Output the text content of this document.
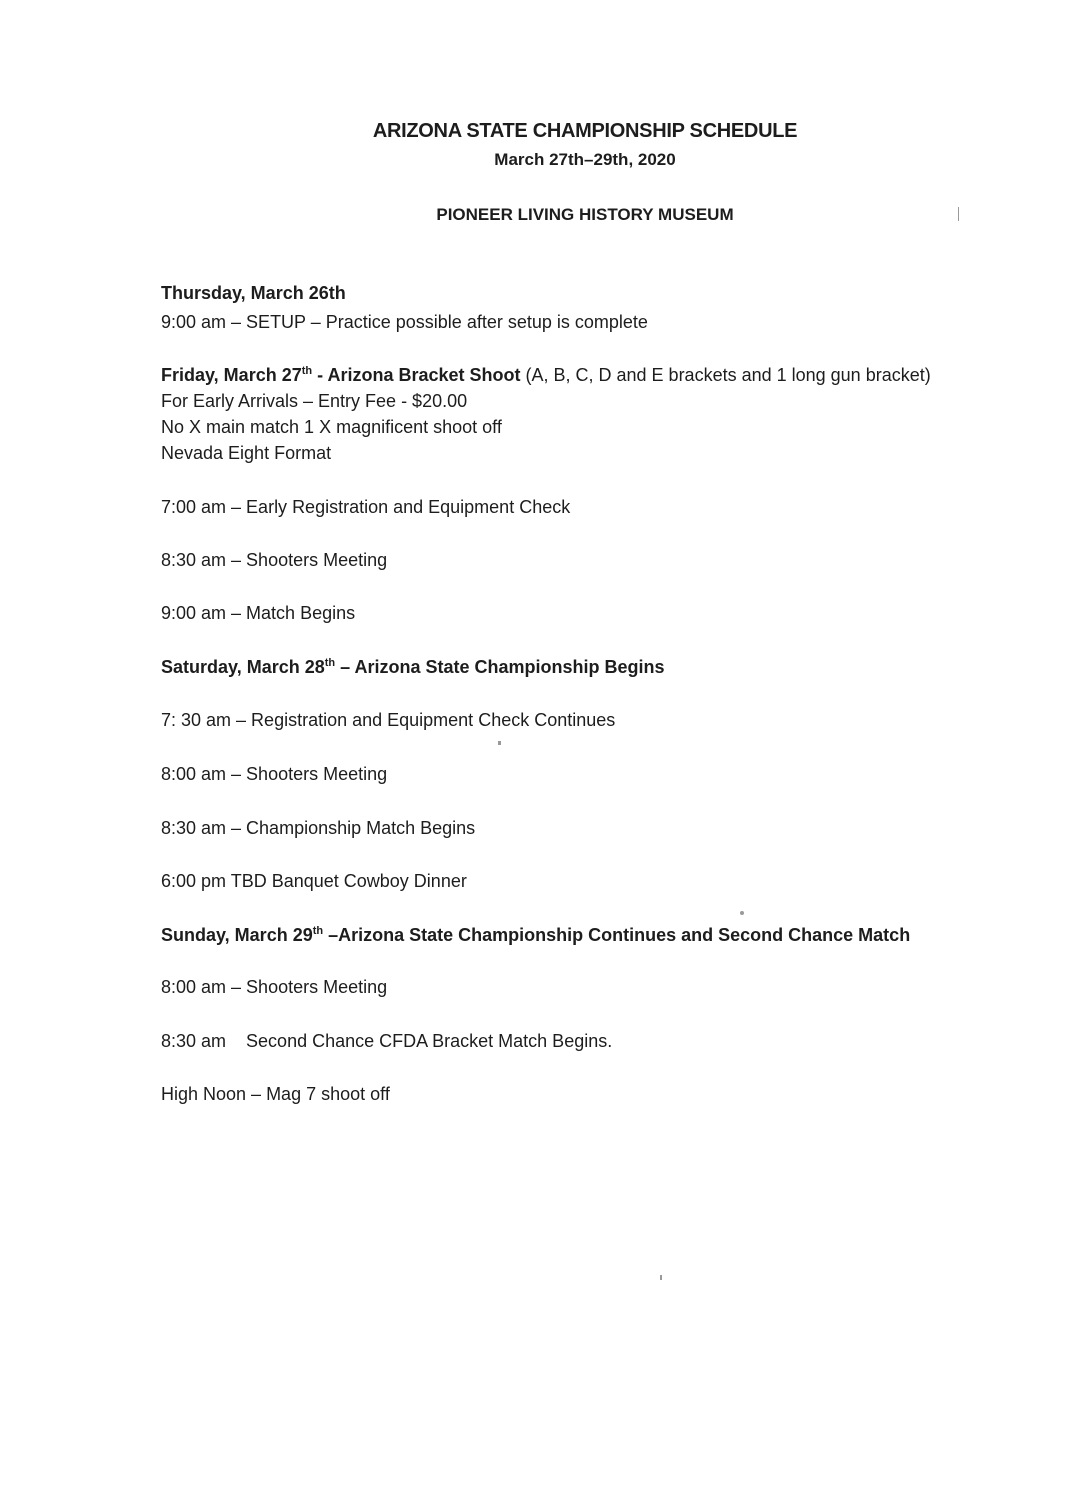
ARIZONA STATE CHAMPIONSHIP SCHEDULE
March 27th–29th, 2020
PIONEER LIVING HISTORY MUSEUM
Thursday, March 26th
9:00 am – SETUP – Practice possible after setup is complete
Friday, March 27th - Arizona Bracket Shoot (A, B, C, D and E brackets and 1 long gun bracket)
For Early Arrivals – Entry Fee - $20.00
No X main match 1 X magnificent shoot off
Nevada Eight Format
7:00 am – Early Registration and Equipment Check
8:30 am – Shooters Meeting
9:00 am – Match Begins
Saturday, March 28th – Arizona State Championship Begins
7: 30 am – Registration and Equipment Check Continues
8:00 am – Shooters Meeting
8:30 am – Championship Match Begins
6:00 pm TBD Banquet Cowboy Dinner
Sunday, March 29th –Arizona State Championship Continues and Second Chance Match
8:00 am – Shooters Meeting
8:30 am    Second Chance CFDA Bracket Match Begins.
High Noon – Mag 7 shoot off
